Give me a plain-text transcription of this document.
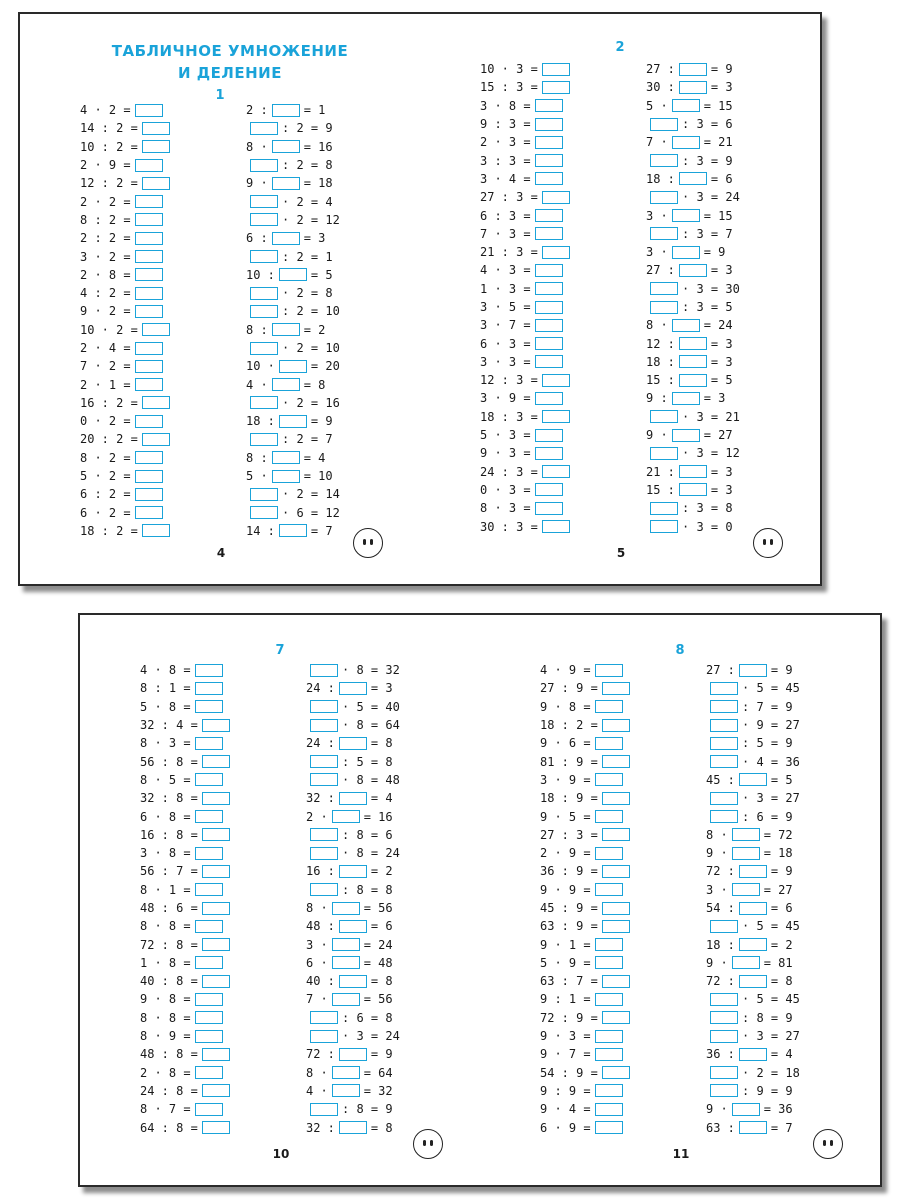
ТАБЛИЧНОЕ УМНОЖЕНИЕ
И ДЕЛЕНИЕ
1
4 · 2 =
14 : 2 =
10 : 2 =
2 · 9 =
12 : 2 =
2 · 2 =
8 : 2 =
2 : 2 =
3 · 2 =
2 · 8 =
4 : 2 =
9 · 2 =
10 · 2 =
2 · 4 =
7 · 2 =
2 · 1 =
16 : 2 =
0 · 2 =
20 : 2 =
8 · 2 =
5 · 2 =
6 : 2 =
6 · 2 =
18 : 2 =
2 :	= 1
: 2 = 9
8 ·	= 16
: 2 = 8
9 ·	= 18
· 2 = 4
· 2 = 12
6 :	= 3
: 2 = 1
10 :	= 5
· 2 = 8
: 2 = 10
8 :	= 2
· 2 = 10
10 ·	= 20
4 ·	= 8
· 2 = 16
18 :	= 9
: 2 = 7
8 :	= 4
5 ·	= 10
· 2 = 14
· 6 = 12
14 :	= 7
4
2
10 · 3 =
15 : 3 =
3 · 8 =
9 : 3 =
2 · 3 =
3 : 3 =
3 · 4 =
27 : 3 =
6 : 3 =
7 · 3 =
21 : 3 =
4 · 3 =
1 · 3 =
3 · 5 =
3 · 7 =
6 · 3 =
3 · 3 =
12 : 3 =
3 · 9 =
18 : 3 =
5 · 3 =
9 · 3 =
24 : 3 =
0 · 3 =
8 · 3 =
30 : 3 =
27 :	= 9
30 :	= 3
5 ·	= 15
: 3 = 6
7 ·	= 21
: 3 = 9
18 :	= 6
· 3 = 24
3 ·	= 15
: 3 = 7
3 ·	= 9
27 :	= 3
· 3 = 30
: 3 = 5
8 ·	= 24
12 :	= 3
18 :	= 3
15 :	= 5
9 :	= 3
· 3 = 21
9 ·	= 27
· 3 = 12
21 :	= 3
15 :	= 3
: 3 = 8
· 3 = 0
5
7
4 · 8 =
8 : 1 =
5 · 8 =
32 : 4 =
8 · 3 =
56 : 8 =
8 · 5 =
32 : 8 =
6 · 8 =
16 : 8 =
3 · 8 =
56 : 7 =
8 · 1 =
48 : 6 =
8 · 8 =
72 : 8 =
1 · 8 =
40 : 8 =
9 · 8 =
8 · 8 =
8 · 9 =
48 : 8 =
2 · 8 =
24 : 8 =
8 · 7 =
64 : 8 =
· 8 = 32
24 :	= 3
· 5 = 40
· 8 = 64
24 :	= 8
: 5 = 8
· 8 = 48
32 :	= 4
2 ·	= 16
: 8 = 6
· 8 = 24
16 :	= 2
: 8 = 8
8 ·	= 56
48 :	= 6
3 ·	= 24
6 ·	= 48
40 :	= 8
7 ·	= 56
: 6 = 8
· 3 = 24
72 :	= 9
8 ·	= 64
4 ·	= 32
: 8 = 9
32 :	= 8
10
8
4 · 9 =
27 : 9 =
9 · 8 =
18 : 2 =
9 · 6 =
81 : 9 =
3 · 9 =
18 : 9 =
9 · 5 =
27 : 3 =
2 · 9 =
36 : 9 =
9 · 9 =
45 : 9 =
63 : 9 =
9 · 1 =
5 · 9 =
63 : 7 =
9 : 1 =
72 : 9 =
9 · 3 =
9 · 7 =
54 : 9 =
9 : 9 =
9 · 4 =
6 · 9 =
27 :	= 9
· 5 = 45
: 7 = 9
· 9 = 27
: 5 = 9
· 4 = 36
45 :	= 5
· 3 = 27
: 6 = 9
8 ·	= 72
9 ·	= 18
72 :	= 9
3 ·	= 27
54 :	= 6
· 5 = 45
18 :	= 2
9 ·	= 81
72 :	= 8
· 5 = 45
: 8 = 9
· 3 = 27
36 :	= 4
· 2 = 18
: 9 = 9
9 ·	= 36
63 :	= 7
11
